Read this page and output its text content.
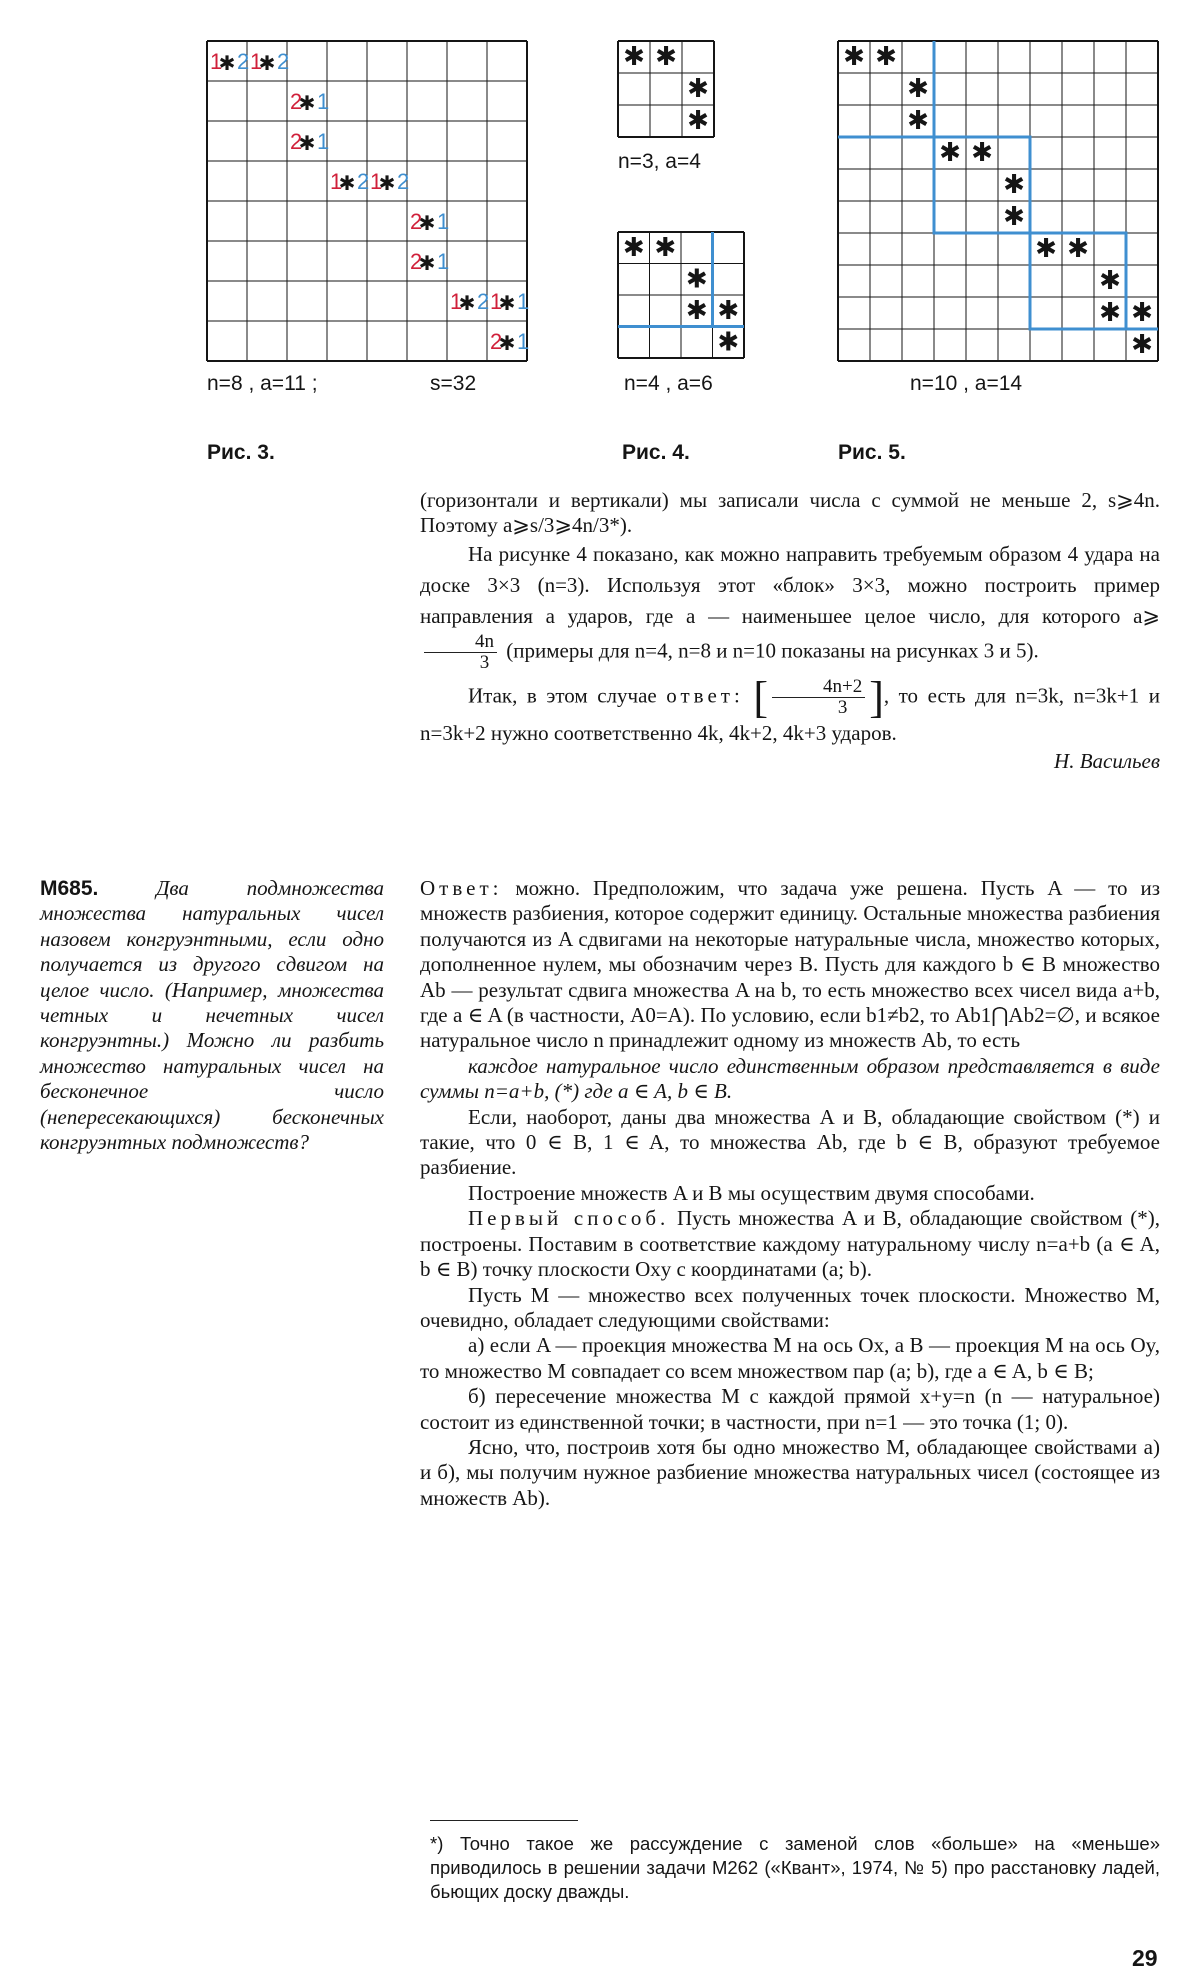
1
✱ 2 1
✱ 2
2
✱ 1
2
✱ 1
1
✱ 2 1
✱ 2
2
✱ 1
2
✱ 1
1
✱ 2 1
✱ 1
2
✱ 1
n=8 , a=11 ;	s=32
Рис. 3.
✱ ✱
✱
✱
n=3, a=4
✱ ✱
✱
✱ ✱
✱
n=4 , a=6
Рис. 4.
✱ ✱
✱
✱
✱ ✱
✱
✱
✱ ✱
✱
✱ ✱
✱
n=10 , a=14
Рис. 5.

(горизонтали и вертикали) мы записали числа с суммой не меньше 2, s⩾4n. Поэтому a⩾s/3⩾4n/3*).

На рисунке 4 показано, как можно направить требуемым образом 4 удара на доске 3×3 (n=3). Используя этот «блок» 3×3, можно построить пример направления a ударов, где a — наименьшее целое число, для которого a⩾
$\frac{4n}{3}$ (примеры для n=4, n=8 и n=10 показаны на рисунках 3 и 5).

Итак, в этом случае ответ: [ $\frac{4n+2}{3}$ ], то есть для n=3k, n=3k+1 и n=3k+2 нужно соответственно 4k, 4k+2, 4k+3 ударов.

Н. Васильев

М685.	Два подмножества множества натуральных чисел назовем конгруэнтными, если одно получается из другого сдвигом на целое число. (Например, множества четных и нечетных чисел конгруэнтны.) Можно ли разбить множество натуральных чисел на бесконечное число (непересекающихся) бесконечных конгруэнтных подмножеств?

Ответ: можно. Предположим, что задача уже решена. Пусть A — то из множеств разбиения, которое содержит единицу. Остальные множества разбиения получаются из A сдвигами на некоторые натуральные числа, множество которых, дополненное нулем, мы обозначим через B. Пусть для каждого b ∈ B множество Ab — результат сдвига множества A на b, то есть множество всех чисел вида a+b, где a ∈ A (в частности, A0=A). По условию, если b1≠b2, то Ab1⋂Ab2=∅, и всякое натуральное число n принадлежит одному из множеств Ab, то есть

каждое натуральное число единственным образом представляется в виде суммы n=a+b, (*) где a ∈ A, b ∈ B.

Если, наоборот, даны два множества A и B, обладающие свойством (*) и такие, что 0 ∈ B, 1 ∈ A, то множества Ab, где b ∈ B, образуют требуемое разбиение.

Построение множеств A и B мы осуществим двумя способами.

Первый способ. Пусть множества A и B, обладающие свойством (*), построены. Поставим в соответствие каждому натуральному числу n=a+b (a ∈ A, b ∈ B) точку плоскости Oxy с координатами (a; b).

Пусть M — множество всех полученных точек плоскости. Множество M, очевидно, обладает следующими свойствами:

а) если A — проекция множества M на ось Ox, а B — проекция M на ось Oy, то множество M совпадает со всем множеством пар (a; b), где a ∈ A, b ∈ B;

б) пересечение множества M с каждой прямой x+y=n (n — натуральное) состоит из единственной точки; в частности, при n=1 — это точка (1; 0).

Ясно, что, построив хотя бы одно множество M, обладающее свойствами а) и б), мы получим нужное разбиение множества натуральных чисел (состоящее из множеств Ab).

*) Точно такое же рассуждение с заменой слов «больше» на «меньше» приводилось в решении задачи М262 («Квант», 1974, № 5) про расстановку ладей, бьющих доску дважды.
29
